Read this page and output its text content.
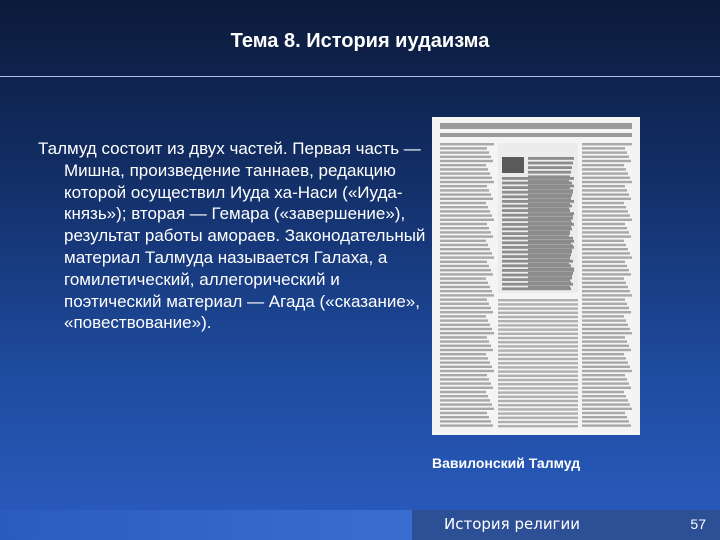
Тема 8. История иудаизма
Талмуд состоит из двух частей. Первая часть — Мишна, произведение таннаев, редакцию которой осуществил Иуда ха-Наси («Иуда-князь»); вторая — Гемара («завершение»), результат работы амораев. Законодательный материал Талмуда называется Галаха, а гомилетический, аллегорический и поэтический материал — Агада («сказание», «повествование»).
Вавилонский Талмуд
История религии	57
